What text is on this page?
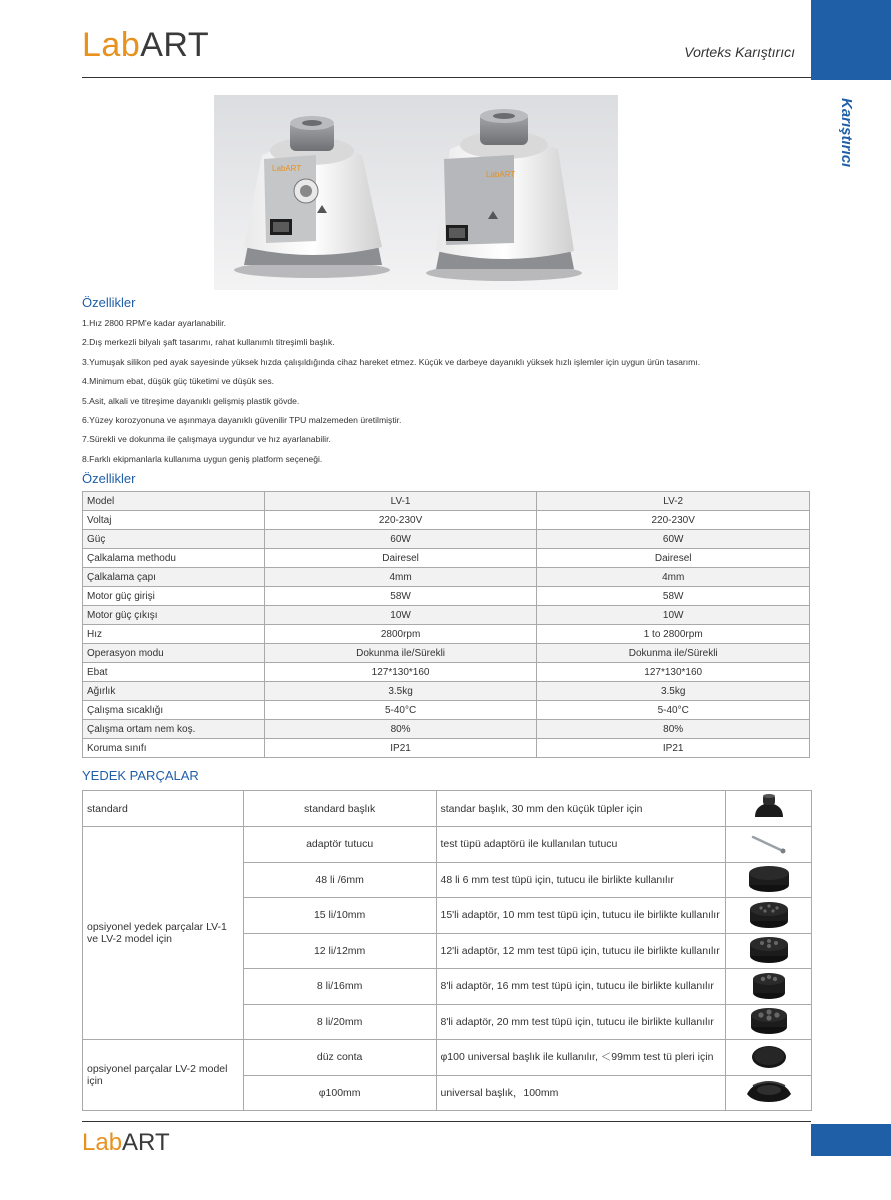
LabART	Vorteks Karıştırıcı
Karıştırıcı
LabART
LabART
Özellikler
1.Hız 2800 RPM'e kadar ayarlanabilir.
2.Dış merkezli bilyalı şaft tasarımı, rahat kullanımlı titreşimli başlık.
3.Yumuşak silikon ped ayak sayesinde yüksek hızda çalışıldığında cihaz hareket etmez. Küçük ve darbeye dayanıklı yüksek hızlı işlemler için uygun ürün tasarımı.
4.Minimum ebat, düşük güç tüketimi ve düşük ses.
5.Asit, alkali ve titreşime dayanıklı gelişmiş plastik gövde.
6.Yüzey korozyonuna ve aşınmaya dayanıklı güvenilir TPU malzemeden üretilmiştir.
7.Sürekli ve dokunma ile çalışmaya uygundur ve hız ayarlanabilir.
8.Farklı ekipmanlarla kullanıma uygun geniş platform seçeneği.
Özellikler
Model	LV-1	LV-2
Voltaj	220-230V	220-230V
Güç	60W	60W
Çalkalama methodu	Dairesel	Dairesel
Çalkalama çapı	4mm	4mm
Motor güç girişi	58W	58W
Motor güç çıkışı	10W	10W
Hız	2800rpm	1 to 2800rpm
Operasyon modu	Dokunma ile/Sürekli	Dokunma ile/Sürekli
Ebat	127*130*160	127*130*160
Ağırlık	3.5kg	3.5kg
Çalışma sıcaklığı	5-40°C	5-40°C
Çalışma ortam nem koş.	80%	80%
Koruma sınıfı	IP21	IP21
YEDEK PARÇALAR
standard	standard başlık	standar başlık, 30 mm den küçük tüpler için	
opsiyonel yedek parçalar LV-1 ve LV-2 model için	adaptör tutucu	test tüpü adaptörü ile kullanılan tutucu	
	48 li /6mm	48 li 6 mm test tüpü için, tutucu ile birlikte kullanılır	
	15 li/10mm	15'li adaptör, 10 mm test tüpü için, tutucu ile birlikte kullanılır	
	12 li/12mm	12'li adaptör, 12 mm test tüpü için, tutucu ile birlikte kullanılır	
	8 li/16mm	8'li adaptör, 16 mm test tüpü için, tutucu ile birlikte kullanılır	
	8 li/20mm	8'li adaptör, 20 mm test tüpü için, tutucu ile birlikte kullanılır	
opsiyonel parçalar LV-2 model için	düz conta	φ100 universal başlık ile kullanılır, ＜99mm test tü pleri için	
	φ100mm	universal başlık，100mm	
LabART
